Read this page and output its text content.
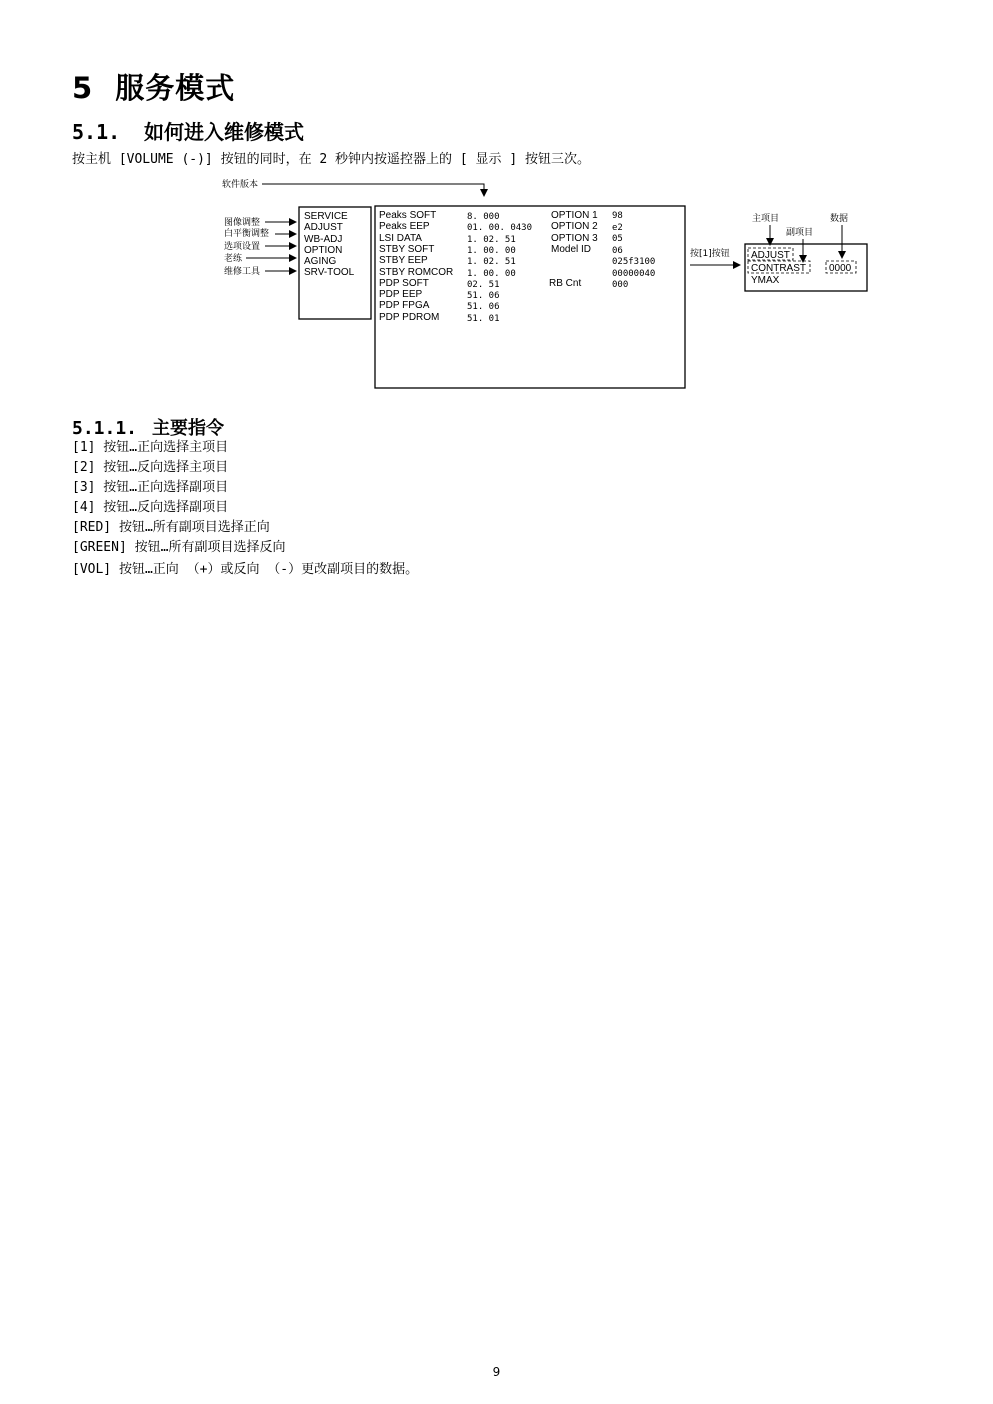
5 服务模式
5.1. 如何进入维修模式
按主机 [VOLUME (-)] 按钮的同时，在 2 秒钟内按遥控器上的 [ 显示 ] 按钮三次。
软件版本
图像调整
白平衡调整
选项设置
老练
维修工具
SERVICE
ADJUST
WB-ADJ
OPTION
AGING
SRV-TOOL
Peaks SOFT
Peaks EEP
LSI DATA
STBY SOFT
STBY EEP
STBY ROMCOR
PDP SOFT
PDP EEP
PDP FPGA
PDP PDROM
8. 000
01. 00. 0430
1. 02. 51
1. 00. 00
1. 02. 51
1. 00. 00
02. 51
51. 06
51. 06
51. 01
OPTION 1
OPTION 2
OPTION 3
Model ID
RB Cnt
98
e2
05
06
025f3100
00000040
000
按[1]按钮
主项目
副项目
数据
ADJUST
CONTRAST
YMAX
0000
5.1.1. 主要指令
[1] 按钮…正向选择主项目
[2] 按钮…反向选择主项目
[3] 按钮…正向选择副项目
[4] 按钮…反向选择副项目
[RED] 按钮…所有副项目选择正向
[GREEN] 按钮…所有副项目选择反向
[VOL] 按钮…正向 （+）或反向 （-）更改副项目的数据。
9
